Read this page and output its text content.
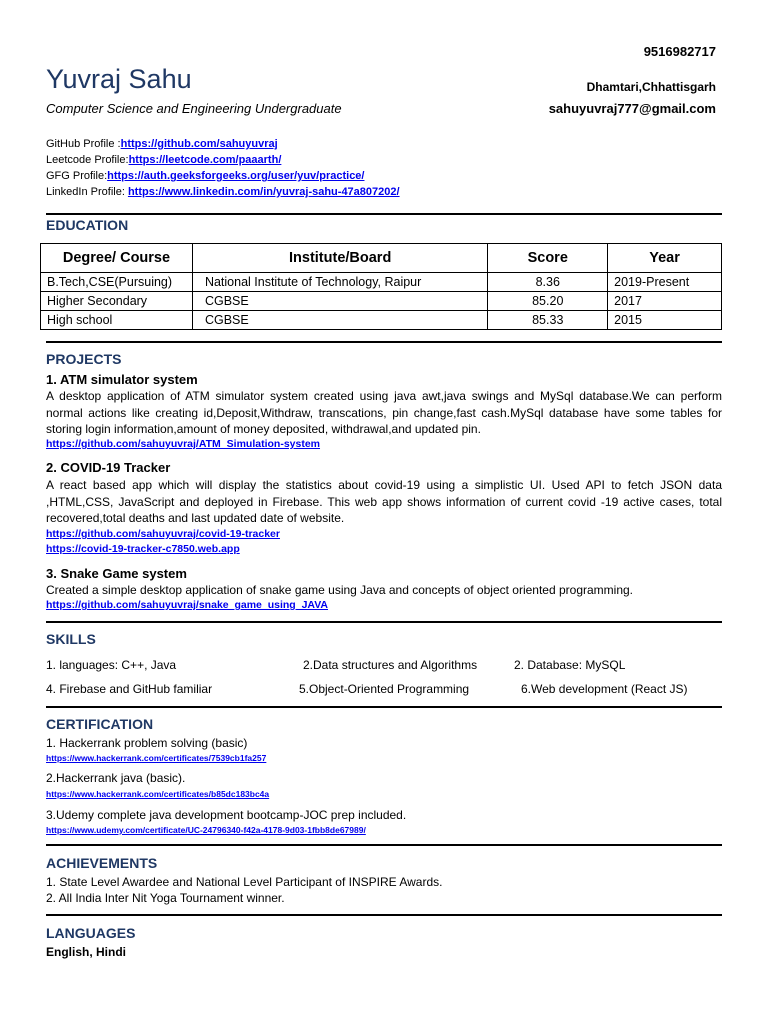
9516982717
Yuvraj Sahu	Dhamtari,Chhattisgarh
Computer Science and Engineering Undergraduate	sahuyuvraj777@gmail.com
GitHub Profile :https://github.com/sahuyuvraj
Leetcode Profile:https://leetcode.com/paaarth/
GFG Profile:https://auth.geeksforgeeks.org/user/yuv/practice/
LinkedIn Profile: https://www.linkedin.com/in/yuvraj-sahu-47a807202/
EDUCATION
Degree/ Course	Institute/Board	Score	Year
B.Tech,CSE(Pursuing)	National Institute of Technology, Raipur	8.36	2019-Present
Higher Secondary	CGBSE	85.20	2017
High school	CGBSE	85.33	2015
PROJECTS
1. ATM simulator system
A desktop application of ATM simulator system created using java awt,java swings and MySql database.We can perform normal actions like creating id,Deposit,Withdraw, transcations, pin change,fast cash.MySql database have some tables for storing login information,amount of money deposited, withdrawal,and updated pin.
https://github.com/sahuyuvraj/ATM_Simulation-system
2. COVID-19 Tracker
A react based app which will display the statistics about covid-19 using a simplistic UI. Used API to fetch JSON data ,HTML,CSS, JavaScript and deployed in Firebase. This web app shows information of current covid -19 active cases, total recovered,total deaths and last updated date of website.
https://github.com/sahuyuvraj/covid-19-tracker
https://covid-19-tracker-c7850.web.app
3. Snake Game system
Created a simple desktop application of snake game using Java and concepts of object oriented programming.
https://github.com/sahuyuvraj/snake_game_using_JAVA
SKILLS
1. languages: C++, Java	2.Data structures and Algorithms	2. Database: MySQL
4. Firebase and GitHub familiar	5.Object-Oriented Programming	6.Web development (React JS)
CERTIFICATION
1. Hackerrank problem solving (basic)
https://www.hackerrank.com/certificates/7539cb1fa257
2.Hackerrank java (basic).
https://www.hackerrank.com/certificates/b85dc183bc4a
3.Udemy complete java development bootcamp-JOC prep included.
https://www.udemy.com/certificate/UC-24796340-f42a-4178-9d03-1fbb8de67989/
ACHIEVEMENTS
1. State Level Awardee and National Level Participant of INSPIRE Awards.
2. All India Inter Nit Yoga Tournament winner.
LANGUAGES
English, Hindi
